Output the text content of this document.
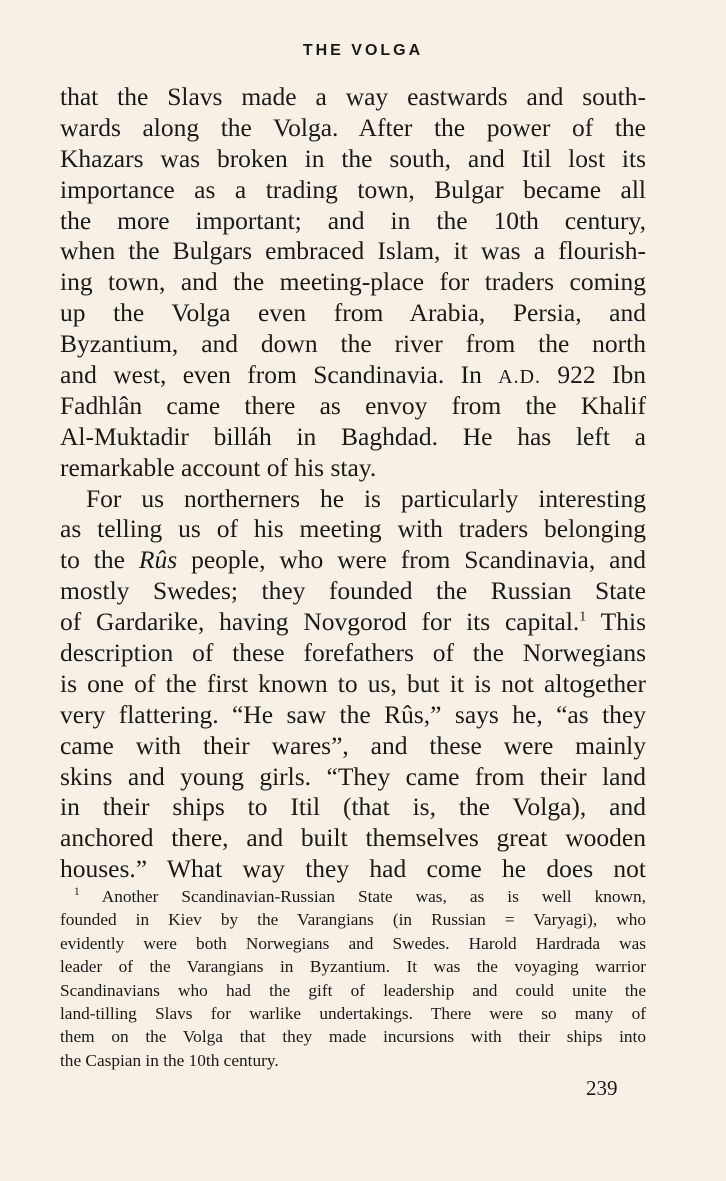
THE VOLGA
that the Slavs made a way eastwards and south-
wards along the Volga. After the power of the
Khazars was broken in the south, and Itil lost its
importance as a trading town, Bulgar became all
the more important; and in the 10th century,
when the Bulgars embraced Islam, it was a flourish-
ing town, and the meeting-place for traders coming
up the Volga even from Arabia, Persia, and
Byzantium, and down the river from the north
and west, even from Scandinavia. In A.D. 922 Ibn
Fadhlân came there as envoy from the Khalif
Al-Muktadir billáh in Baghdad. He has left a
remarkable account of his stay.
For us northerners he is particularly interesting
as telling us of his meeting with traders belonging
to the Rûs people, who were from Scandinavia, and
mostly Swedes; they founded the Russian State
of Gardarike, having Novgorod for its capital.$^1$ This
description of these forefathers of the Norwegians
is one of the first known to us, but it is not altogether
very flattering. “He saw the Rûs,” says he, “as they
came with their wares”, and these were mainly
skins and young girls. “They came from their land
in their ships to Itil (that is, the Volga), and
anchored there, and built themselves great wooden
houses.” What way they had come he does not
$^1$ Another Scandinavian-Russian State was, as is well known,
founded in Kiev by the Varangians (in Russian = Varyagi), who
evidently were both Norwegians and Swedes. Harold Hardrada was
leader of the Varangians in Byzantium. It was the voyaging warrior
Scandinavians who had the gift of leadership and could unite the
land-tilling Slavs for warlike undertakings. There were so many of
them on the Volga that they made incursions with their ships into
the Caspian in the 10th century.
239
